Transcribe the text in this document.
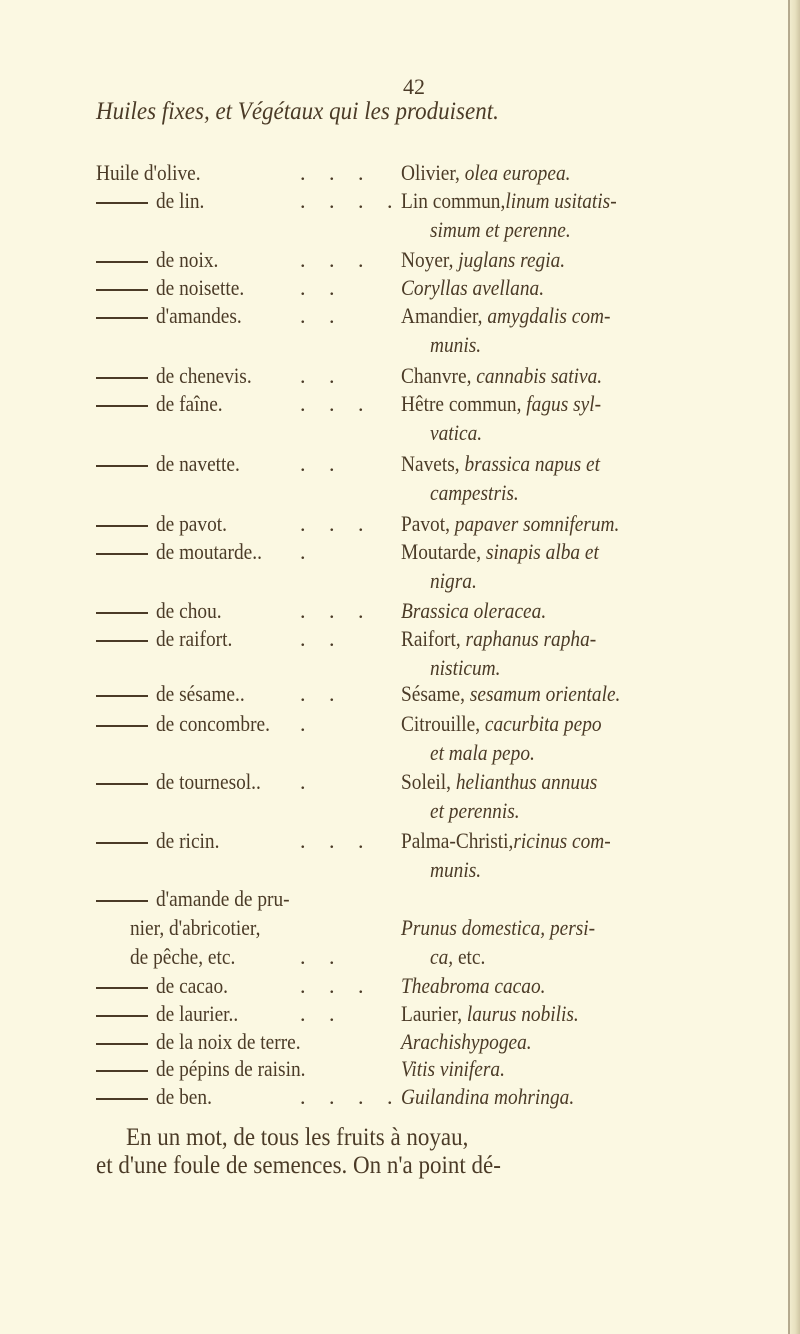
42
Huiles fixes, et Végétaux qui les produisent.
Huile d'olive.	. . . Olivier, olea europea.
de lin.	. . . . Lin commun,linum usitatis-
simum et perenne.
de noix.	. . . Noyer, juglans regia.
de noisette.	. .	Coryllas avellana.
d'amandes.	. .	Amandier, amygdalis com-
munis.
de chenevis. . .	Chanvre, cannabis sativa.
de faîne.	. . . Hêtre commun, fagus syl-
vatica.
de navette.	. .	Navets, brassica napus et
campestris.
de pavot.	. . . Pavot, papaver somniferum.
de moutarde.. .	Moutarde, sinapis alba et
nigra.
de chou.	. . . Brassica oleracea.
de raifort.	. .	Raifort, raphanus rapha-
nisticum.
de sésame..	. .	Sésame, sesamum orientale.
de concombre. .	Citrouille, cacurbita pepo
et mala pepo.
de tournesol.. .	Soleil, helianthus annuus
et perennis.
de ricin.	. . . Palma-Christi,ricinus com-
munis.
d'amande de pru-
nier, d'abricotier,	Prunus domestica, persi-
de pêche, etc.	. .	ca, etc.
de cacao.	. . . Theabroma cacao.
de laurier..	. .	Laurier, laurus nobilis.
de la noix de terre.	Arachishypogea.
de pépins de raisin.	Vitis vinifera.
de ben.	. . . . Guilandina mohringa.
En un mot, de tous les fruits à noyau,
et d'une foule de semences. On n'a point dé-
